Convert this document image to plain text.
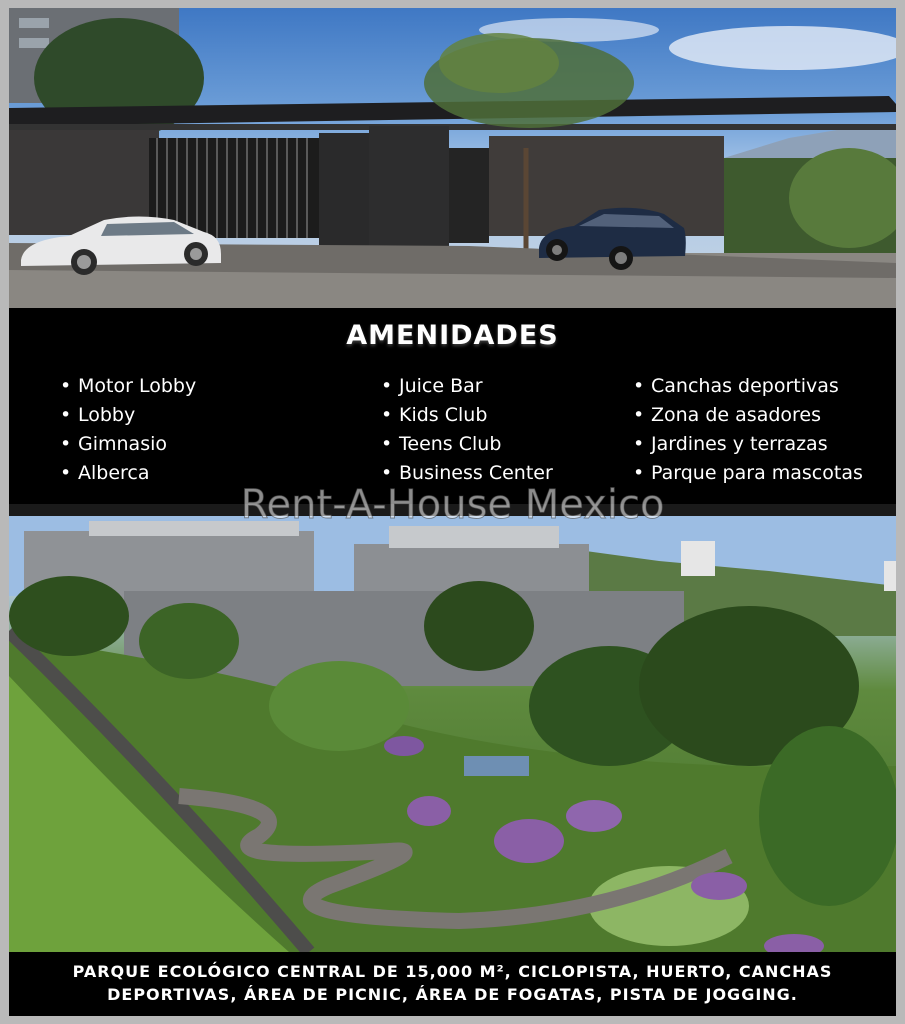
AMENIDADES
• Motor Lobby
• Lobby
• Gimnasio
• Alberca
• Juice Bar
• Kids Club
• Teens Club
• Business Center
• Canchas deportivas
• Zona de asadores
• Jardines y terrazas
• Parque para mascotas
PARQUE ECOLÓGICO CENTRAL DE 15,000 M², CICLOPISTA, HUERTO, CANCHAS
DEPORTIVAS, ÁREA DE PICNIC, ÁREA DE FOGATAS, PISTA DE JOGGING.
Rent-A-House Mexico
